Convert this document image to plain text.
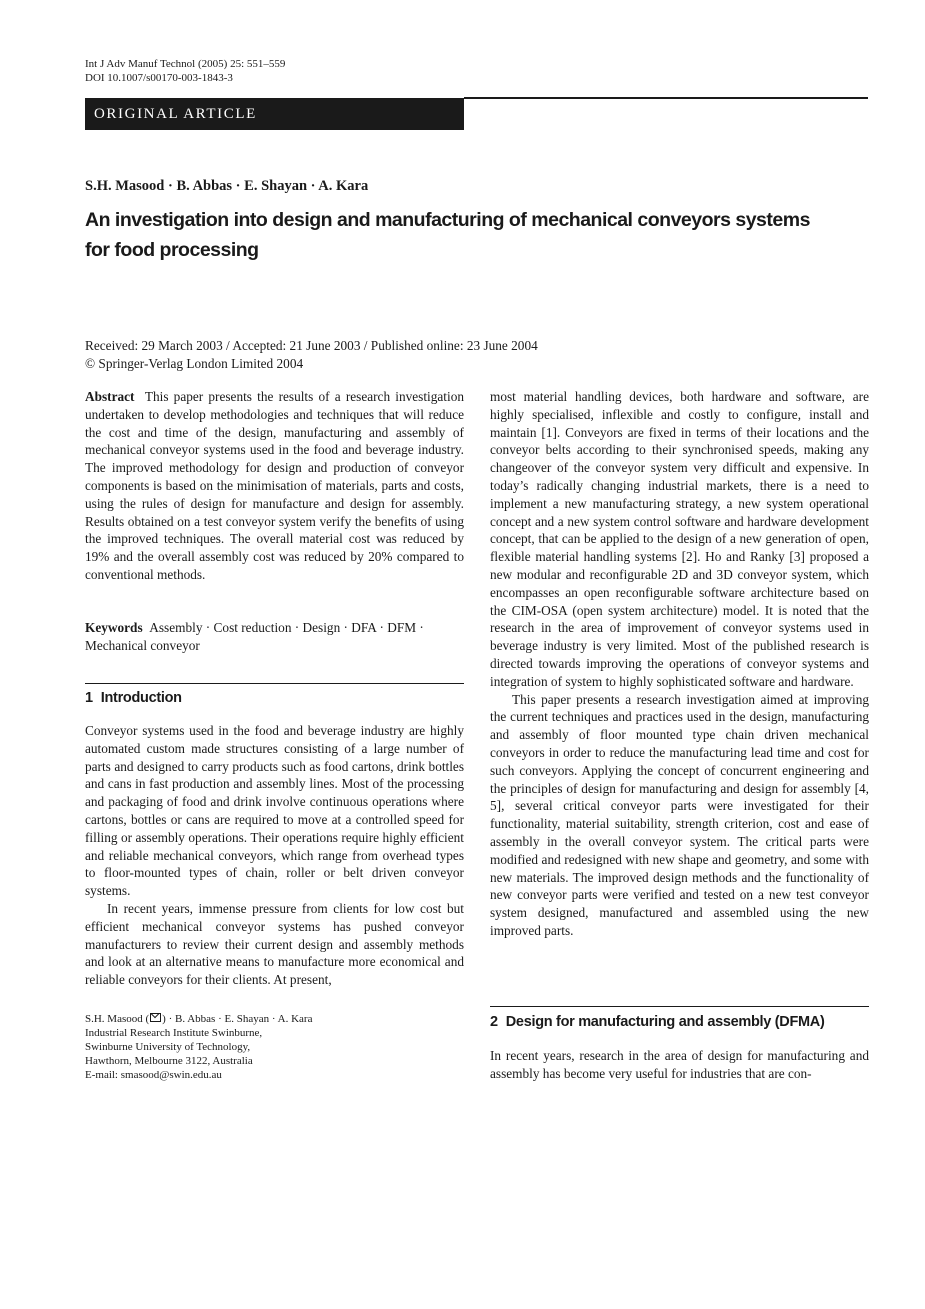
Int J Adv Manuf Technol (2005) 25: 551–559
DOI 10.1007/s00170-003-1843-3
ORIGINAL ARTICLE
S.H. Masood · B. Abbas · E. Shayan · A. Kara
An investigation into design and manufacturing of mechanical conveyors systems
for food processing
Received: 29 March 2003 / Accepted: 21 June 2003 / Published online: 23 June 2004
© Springer-Verlag London Limited 2004

Abstract This paper presents the results of a research investigation undertaken to develop methodologies and techniques that will reduce the cost and time of the design, manufacturing and assembly of mechanical conveyor systems used in the food and beverage industry. The improved methodology for design and production of conveyor components is based on the minimisation of materials, parts and costs, using the rules of design for manufacture and design for assembly. Results obtained on a test conveyor system verify the benefits of using the improved techniques. The overall material cost was reduced by 19% and the overall assembly cost was reduced by 20% compared to conventional methods.

Keywords Assembly · Cost reduction · Design · DFA · DFM · Mechanical conveyor

1 Introduction

Conveyor systems used in the food and beverage industry are highly automated custom made structures consisting of a large number of parts and designed to carry products such as food cartons, drink bottles and cans in fast production and assembly lines. Most of the processing and packaging of food and drink involve continuous operations where cartons, bottles or cans are required to move at a controlled speed for filling or assembly operations. Their operations require highly efficient and reliable mechanical conveyors, which range from overhead types to floor-mounted types of chain, roller or belt driven conveyor systems.

In recent years, immense pressure from clients for low cost but efficient mechanical conveyor systems has pushed conveyor manufacturers to review their current design and assembly methods and look at an alternative means to manufacture more economical and reliable conveyors for their clients. At present,

S.H. Masood ( ) · B. Abbas · E. Shayan · A. Kara
Industrial Research Institute Swinburne,
Swinburne University of Technology,
Hawthorn, Melbourne 3122, Australia
E-mail: smasood@swin.edu.au

most material handling devices, both hardware and software, are highly specialised, inflexible and costly to configure, install and maintain [1]. Conveyors are fixed in terms of their locations and the conveyor belts according to their synchronised speeds, making any changeover of the conveyor system very difficult and expensive. In today’s radically changing industrial markets, there is a need to implement a new manufacturing strategy, a new system operational concept and a new system control software and hardware development concept, that can be applied to the design of a new generation of open, flexible material handling systems [2]. Ho and Ranky [3] proposed a new modular and reconfigurable 2D and 3D conveyor system, which encompasses an open reconfigurable software architecture based on the CIM-OSA (open system architecture) model. It is noted that the research in the area of improvement of conveyor systems used in beverage industry is very limited. Most of the published research is directed towards improving the operations of conveyor systems and integration of system to highly sophisticated software and hardware.

This paper presents a research investigation aimed at improving the current techniques and practices used in the design, manufacturing and assembly of floor mounted type chain driven mechanical conveyors in order to reduce the manufacturing lead time and cost for such conveyors. Applying the concept of concurrent engineering and the principles of design for manufacturing and design for assembly [4, 5], several critical conveyor parts were investigated for their functionality, material suitability, strength criterion, cost and ease of assembly in the overall conveyor system. The critical parts were modified and redesigned with new shape and geometry, and some with new materials. The improved design methods and the functionality of new conveyor parts were verified and tested on a new test conveyor system designed, manufactured and assembled using the new improved parts.

2 Design for manufacturing and assembly (DFMA)

In recent years, research in the area of design for manufacturing and assembly has become very useful for industries that are con-
